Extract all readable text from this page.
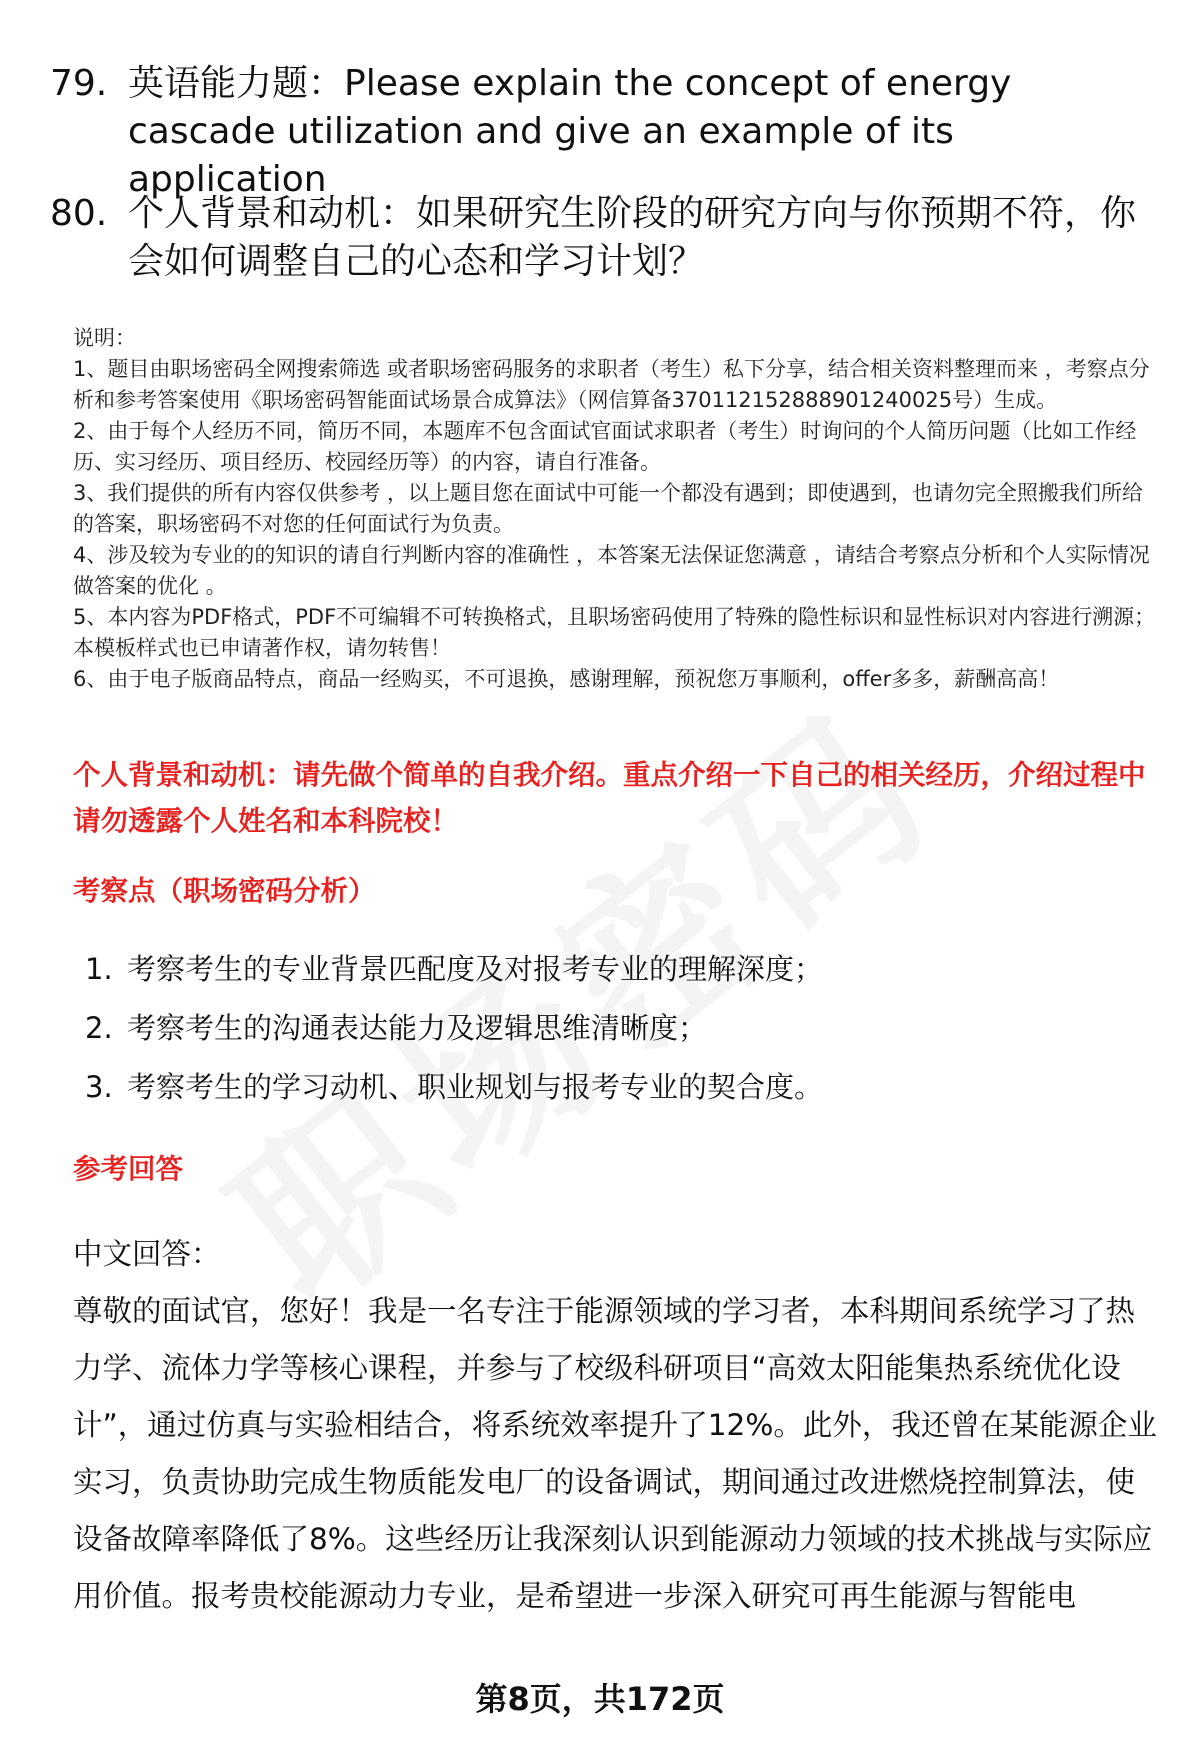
79. 英语能力题：Please explain the concept of energy cascade utilization and give an example of its application
80. 个人背景和动机：如果研究生阶段的研究方向与你预期不符，你会如何调整自己的心态和学习计划？

说明：

1、题目由职场密码全网搜索筛选 或者职场密码服务的求职者（考生）私下分享，结合相关资料整理而来 ，考察点分析和参考答案使用《职场密码智能面试场景合成算法》（网信算备370112152888901240025号）生成。

2、由于每个人经历不同，简历不同，本题库不包含面试官面试求职者（考生）时询问的个人简历问题（比如工作经历、实习经历、项目经历、校园经历等）的内容，请自行准备。

3、我们提供的所有内容仅供参考 ，以上题目您在面试中可能一个都没有遇到；即使遇到，也请勿完全照搬我们所给的答案，职场密码不对您的任何面试行为负责。

4、涉及较为专业的的知识的请自行判断内容的准确性 ，本答案无法保证您满意 ，请结合考察点分析和个人实际情况做答案的优化 。

5、本内容为PDF格式，PDF不可编辑不可转换格式，且职场密码使用了特殊的隐性标识和显性标识对内容进行溯源；本模板样式也已申请著作权，请勿转售！

6、由于电子版商品特点，商品一经购买，不可退换，感谢理解，预祝您万事顺利，offer多多，薪酬高高！

个人背景和动机：请先做个简单的自我介绍。重点介绍一下自己的相关经历，介绍过程中请勿透露个人姓名和本科院校！
考察点（职场密码分析）
1. 考察考生的专业背景匹配度及对报考专业的理解深度；
2. 考察考生的沟通表达能力及逻辑思维清晰度；
3. 考察考生的学习动机、职业规划与报考专业的契合度。
参考回答

中文回答：

尊敬的面试官，您好！我是一名专注于能源领域的学习者，本科期间系统学习了热力学、流体力学等核心课程，并参与了校级科研项目“高效太阳能集热系统优化设计”，通过仿真与实验相结合，将系统效率提升了12%。此外，我还曾在某能源企业实习，负责协助完成生物质能发电厂的设备调试，期间通过改进燃烧控制算法，使设备故障率降低了8%。这些经历让我深刻认识到能源动力领域的技术挑战与实际应用价值。报考贵校能源动力专业，是希望进一步深入研究可再生能源与智能电

第8页，共172页
